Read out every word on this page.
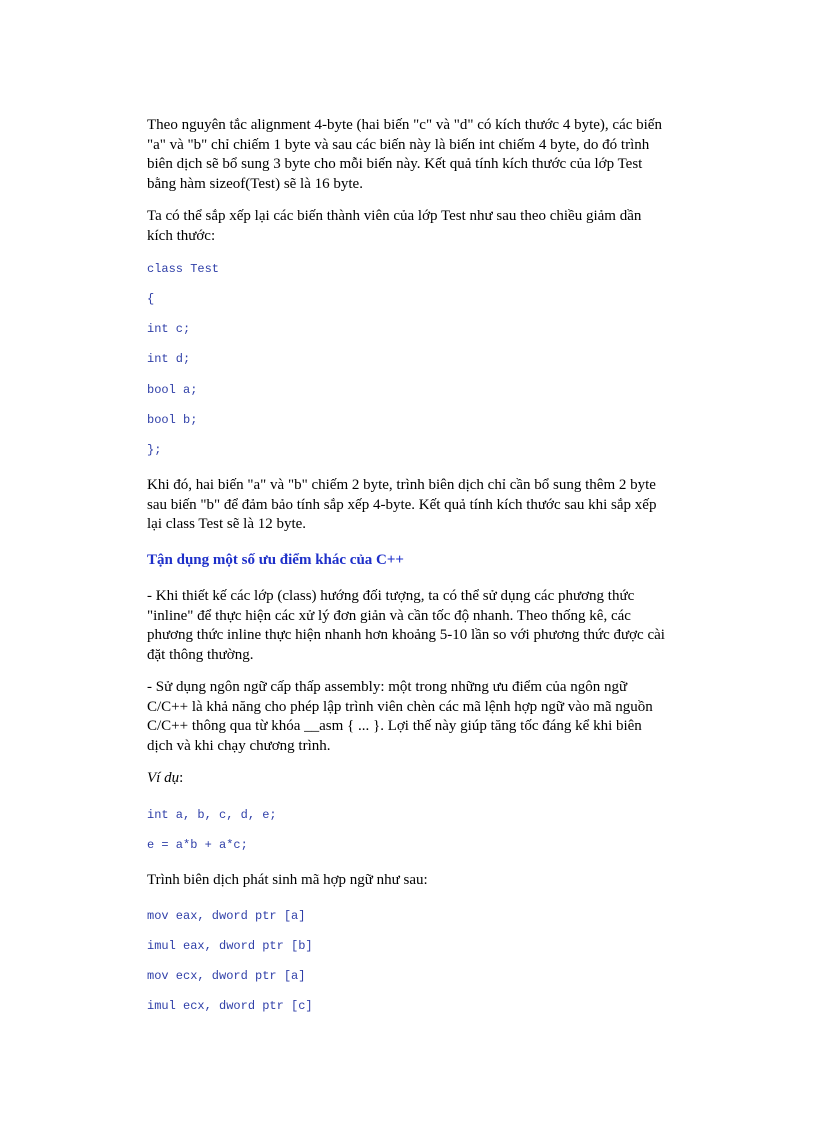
Theo nguyên tắc alignment 4-byte (hai biến "c" và "d" có kích thước 4 byte), các biến
"a" và "b" chỉ chiếm 1 byte và sau các biến này là biến int chiếm 4 byte, do đó trình
biên dịch sẽ bổ sung 3 byte cho mỗi biến này. Kết quả tính kích thước của lớp Test
bằng hàm sizeof(Test) sẽ là 16 byte.

Ta có thể sắp xếp lại các biến thành viên của lớp Test như sau theo chiều giảm dần
kích thước:

class Test
{
int c;
int d;
bool a;
bool b;
};

Khi đó, hai biến "a" và "b" chiếm 2 byte, trình biên dịch chỉ cần bổ sung thêm 2 byte
sau biến "b" để đảm bảo tính sắp xếp 4-byte. Kết quả tính kích thước sau khi sắp xếp
lại class Test sẽ là 12 byte.

Tận dụng một số ưu điểm khác của C++

- Khi thiết kế các lớp (class) hướng đối tượng, ta có thể sử dụng các phương thức
"inline" để thực hiện các xử lý đơn giản và cần tốc độ nhanh. Theo thống kê, các
phương thức inline thực hiện nhanh hơn khoảng 5-10 lần so với phương thức được cài
đặt thông thường.

- Sử dụng ngôn ngữ cấp thấp assembly: một trong những ưu điểm của ngôn ngữ
C/C++ là khả năng cho phép lập trình viên chèn các mã lệnh hợp ngữ vào mã nguồn
C/C++ thông qua từ khóa __asm { ... }. Lợi thế này giúp tăng tốc đáng kể khi biên
dịch và khi chạy chương trình.

Ví dụ:

int a, b, c, d, e;
e = a*b + a*c;

Trình biên dịch phát sinh mã hợp ngữ như sau:

mov eax, dword ptr [a]
imul eax, dword ptr [b]
mov ecx, dword ptr [a]
imul ecx, dword ptr [c]
